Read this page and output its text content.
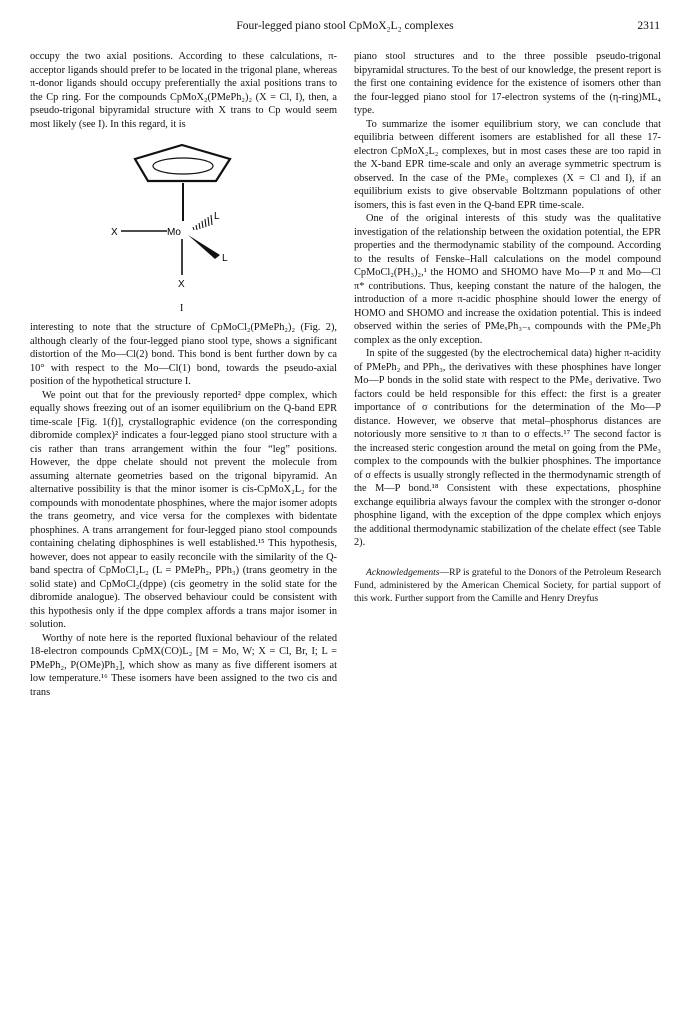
Four-legged piano stool CpMoX₂L₂ complexes	2311

occupy the two axial positions. According to these calculations, π-acceptor ligands should prefer to be located in the trigonal plane, whereas π-donor ligands should occupy preferentially the axial positions trans to the Cp ring. For the compounds CpMoX₂(PMePh₂)₂ (X = Cl, I), then, a pseudo-trigonal bipyramidal structure with X trans to Cp would seem most likely (see I). In this regard, it is

Mo
X
L
L
X
I

interesting to note that the structure of CpMoCl₂(PMePh₂)₂ (Fig. 2), although clearly of the four-legged piano stool type, shows a significant distortion of the Mo—Cl(2) bond. This bond is bent further down by ca 10° with respect to the Mo—Cl(1) bond, towards the pseudo-axial position of the hypothetical structure I.

We point out that for the previously reported² dppe complex, which equally shows freezing out of an isomer equilibrium on the Q-band EPR time-scale [Fig. 1(f)], crystallographic evidence (on the corresponding dibromide complex)² indicates a four-legged piano stool structure with a cis rather than trans arrangement within the four “leg” positions. However, the dppe chelate should not prevent the molecule from assuming alternate geometries based on the trigonal bipyramid. An alternative possibility is that the minor isomer is cis-CpMoX₂L₂ for the compounds with monodentate phosphines, where the major isomer adopts the trans geometry, and vice versa for the complexes with bidentate phosphines. A trans arrangement for four-legged piano stool compounds containing chelating diphosphines is well established.¹⁵ This hypothesis, however, does not appear to easily reconcile with the similarity of the Q-band spectra of CpMoCl₂L₂ (L = PMePh₂, PPh₃) (trans geometry in the solid state) and CpMoCl₂(dppe) (cis geometry in the solid state for the dibromide analogue). The observed behaviour could be consistent with this hypothesis only if the dppe complex affords a trans major isomer in solution.

Worthy of note here is the reported fluxional behaviour of the related 18-electron compounds CpMX(CO)L₂ [M = Mo, W; X = Cl, Br, I; L = PMePh₂, P(OMe)Ph₂], which show as many as five different isomers at low temperature.¹⁶ These isomers have been assigned to the two cis and trans

piano stool structures and to the three possible pseudo-trigonal bipyramidal structures. To the best of our knowledge, the present report is the first one containing evidence for the existence of isomers other than the four-legged piano stool for 17-electron systems of the (η-ring)ML₄ type.

To summarize the isomer equilibrium story, we can conclude that equilibria between different isomers are established for all these 17-electron CpMoX₂L₂ complexes, but in most cases these are too rapid in the X-band EPR time-scale and only an average symmetric spectrum is observed. In the case of the PMe₃ complexes (X = Cl and I), if an equilibrium exists to give observable Boltzmann populations of other isomers, this is fast even in the Q-band EPR time-scale.

One of the original interests of this study was the qualitative investigation of the relationship between the oxidation potential, the EPR properties and the thermodynamic stability of the compound. According to the results of Fenske–Hall calculations on the model compound CpMoCl₂(PH₃)₂,¹ the HOMO and SHOMO have Mo—P π and Mo—Cl π* contributions. Thus, keeping constant the nature of the halogen, the introduction of a more π-acidic phosphine should lower the energy of HOMO and SHOMO and increase the oxidation potential. This is indeed observed within the series of PMeₓPh₃₋ₓ compounds with the PMe₂Ph complex as the only exception.

In spite of the suggested (by the electrochemical data) higher π-acidity of PMePh₂ and PPh₃, the derivatives with these phosphines have longer Mo—P bonds in the solid state with respect to the PMe₃ derivative. Two factors could be held responsible for this effect: the first is a greater importance of σ contributions for the determination of the Mo—P distance. However, we observe that metal–phosphorus distances are notoriously more sensitive to π than to σ effects.¹⁷ The second factor is the increased steric congestion around the metal on going from the PMe₃ complex to the compounds with the bulkier phosphines. The importance of σ effects is usually strongly reflected in the thermodynamic strength of the M—P bond.¹⁸ Consistent with these expectations, phosphine exchange equilibria always favour the complex with the stronger σ-donor phosphine ligand, with the exception of the dppe complex which enjoys the additional thermodynamic stabilization of the chelate effect (see Table 2).

Acknowledgements—RP is grateful to the Donors of the Petroleum Research Fund, administered by the American Chemical Society, for partial support of this work. Further support from the Camille and Henry Dreyfus
